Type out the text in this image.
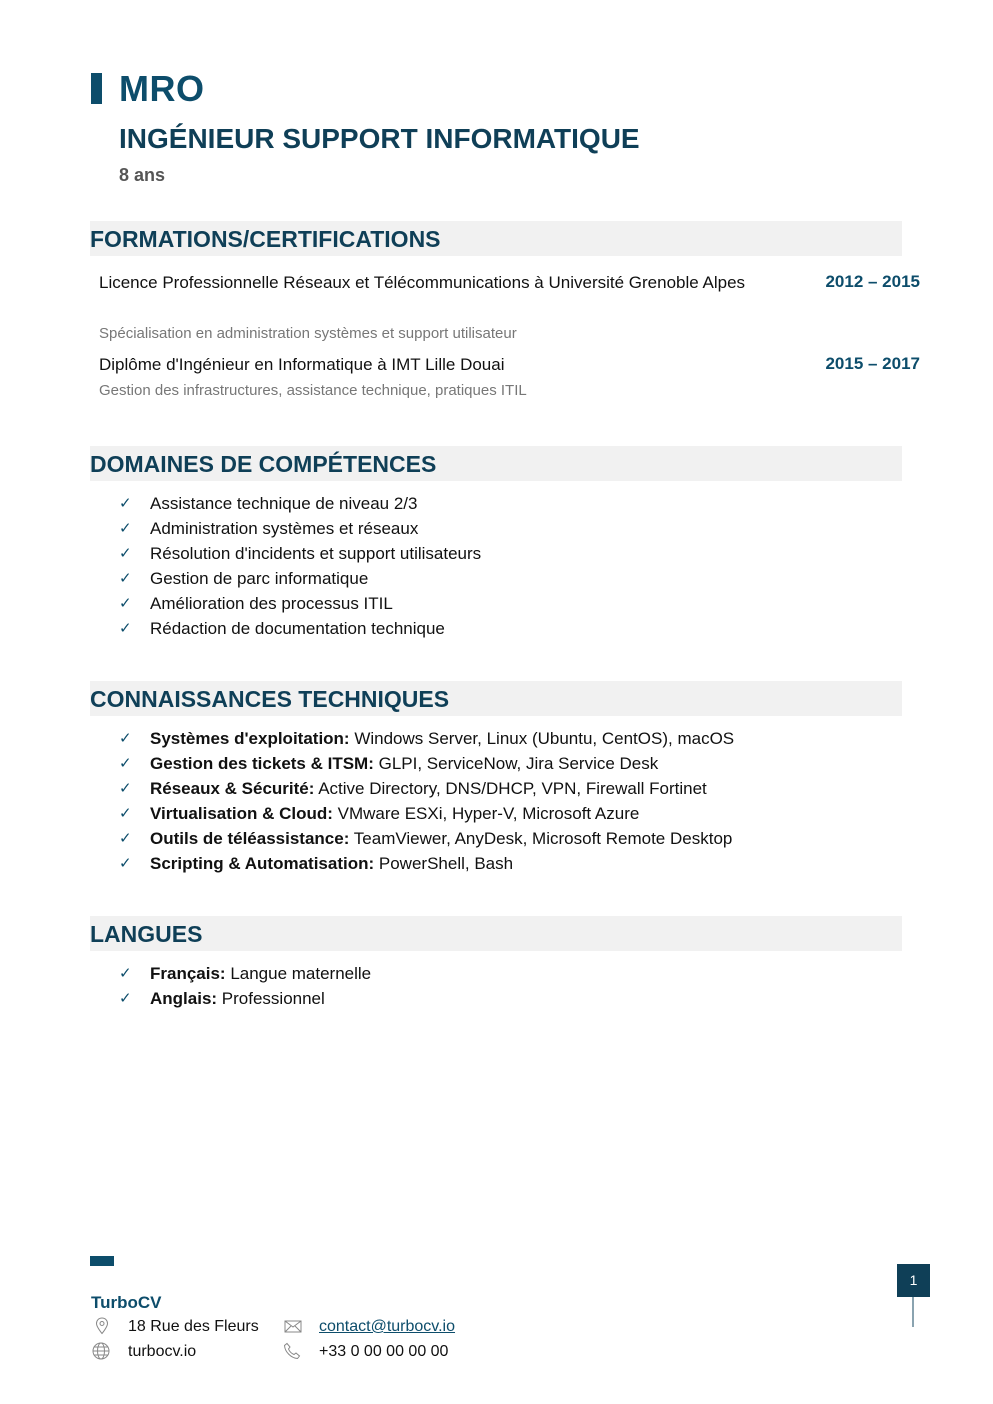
MRO
INGÉNIEUR SUPPORT INFORMATIQUE
8 ans
FORMATIONS/CERTIFICATIONS
Licence Professionnelle Réseaux et Télécommunications à Université Grenoble Alpes	2012 – 2015
Spécialisation en administration systèmes et support utilisateur
Diplôme d'Ingénieur en Informatique à IMT Lille Douai	2015 – 2017
Gestion des infrastructures, assistance technique, pratiques ITIL
DOMAINES DE COMPÉTENCES
✓ Assistance technique de niveau 2/3
✓ Administration systèmes et réseaux
✓ Résolution d'incidents et support utilisateurs
✓ Gestion de parc informatique
✓ Amélioration des processus ITIL
✓ Rédaction de documentation technique
CONNAISSANCES TECHNIQUES
✓ Systèmes d'exploitation: Windows Server, Linux (Ubuntu, CentOS), macOS
✓ Gestion des tickets & ITSM: GLPI, ServiceNow, Jira Service Desk
✓ Réseaux & Sécurité: Active Directory, DNS/DHCP, VPN, Firewall Fortinet
✓ Virtualisation & Cloud: VMware ESXi, Hyper-V, Microsoft Azure
✓ Outils de téléassistance: TeamViewer, AnyDesk, Microsoft Remote Desktop
✓ Scripting & Automatisation: PowerShell, Bash
LANGUES
✓ Français: Langue maternelle
✓ Anglais: Professionnel
TurboCV
18 Rue des Fleurs	contact@turbocv.io
turbocv.io	+33 0 00 00 00 00
1
